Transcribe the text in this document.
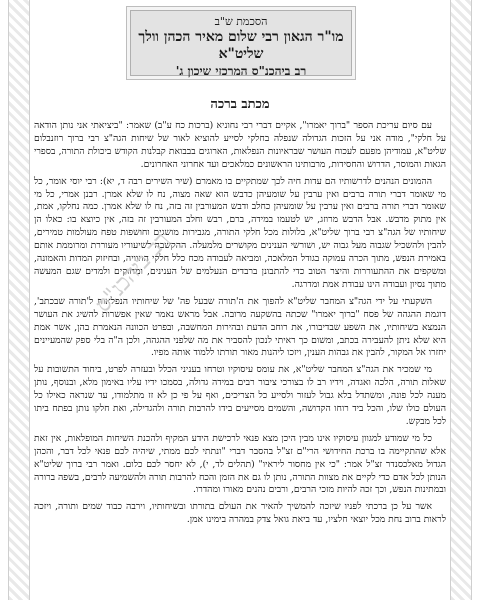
הסכמת ש"ב
מו"ר הגאון רבי שלום מאיר הכהן וולך שליט"א
רב ביהכנ"ס המרכזי שיכון ג'
מכתב ברכה

עם סיום עריכת הספר "ברוך יאמרו", אקיים דברי רבי נחוניא (ברכות כח ע"ב) שאמר: "ביציאתי אני נותן הודאה על חלקי", מודה אני על הזכות הגדולה שנפלה בחלקי לסייע להוציא לאור של שיחות הגה"צ רבי ברוך רוזנבלום שליט"א, עמודיהן מפעם לעכוח העושר שבראיונות הנפלאות, הארוגים בבבואת קבלנות הקודש ביכולת התורה, בספרי הגאות והמוסר, הדרוש והחסידות, מרבותינו הראשונים כמלאכים ועד אחרוני האחרונים.

ההמונים הנהנים לדרשותיו הם עדות חיה לכך שמתקיים בו מאמרם (שיר השירים רבה ד, יא): רבי יוסי אומר, כל מי שאומר דברי תורה ברבים ואין ערבין על שומעיהן כדבש הוא שאה מצוה, נח לו שלא אמרן. רבנן אמרי, כל מי שאומר דברי תורה ברבים ואין ערבין על שומעיהן כחלב ודבש המעורבין זה בזה, נח לו שלא אמרן. כמה נחלקו, אמת, אין מתוק מדבש. אבל הדבש מרוזג, יש לטעמו במידה, ברם, רבש וחלב המעורבין זה בזה, אין כיוצא בו: כאלו הן שיחותיו של הגה"צ רבי ברוך שליט"א, בלולות מכל חלקי התורה, מגבירות מושגים וחושפות טפח מעולמות טמירים, להבין ולהשכיל שגבוה מעל גבוה יש, ושורשי הענינים מקושרים מלמעלה. ההקשבה לשיעוריו מעוררת ומרוממת אותם באמירת הנפש, מתוך הכרה עמוקה בגודל המלאכה, ומביאה לעבודה מכח כלל חלקי ההוויה, ובחיזוק המדות והאמונה, ומשקפים את ההתעוררות והיצר הטוב כדי להתבונן ברבדים הנעלמים של הענינים, ומחזקים ולמדים שגם המעשה מתוך נסיון ועבודה הינו עבודת אמת ומדרגה.

השקעתי על ידי הגה"צ המחבר שליט"א להפוך את ה'תורה שבעל פה' של שיחותיו הנפלאות ל'תורה שבכתב', דוגמת ההגהה של פסח "ברוך יאמרו" שכתה בהשקעה מרובה. אבל מראש נאמר שאין אפשרות להשיג את העושר הנמצא בשיחותיו, את השפע שבדיבורו, את רוחב הדעת ובהירות המחשבה, ובפרט הכוונה הנאמרת בהן, אשר אמת היא שלא ניתן להעבירה בכתב, ומשום כך ראיתי לנכון להסביר את מה שלפני ההגהה, ולכן ה"ה בלי ספק שהמעיינים יחזרו אל המקור, להבין את גבהות הענין, ויזכו ליהנות מאור תורתו ללמוד אותה מפיו.

מי שמכיר את הגה"צ המחבר שליט"א, את עומס עיסוקיו וטרחו בעניני הכלל ובעזרה לפרט, ביחוד התשובות על שאלות תורה, הלכה ואגדה, וידיו רב לו בצורכי ציבור רבים במידה גדולה, בסמכו ידיו עליו באימון מלא, ובנוסף, נותן מענה לכל פונה, ומשתדל בלא גבול לעזור ולסייע כל הצריכים, ואף על פי כן לא זז מתלמודו, עד שנראה כאילו כל העולם כולו שלו, והכל ביד רוחו הקדושה, והשמים מסייעים בידו להרבות תורה ולהגדילה, ואת חלקו נותן בפתח ביתו לכל מבקש.

כל מי שמודע למגוון עיסוקיו אינו מבין היכן מצא פנאי לרכישת הידע המקיף ולהכנת השיחות המופלאות, אין זאת אלא שהתקיימה בו ברכת החידושי הרי"ם זצ"ל בהסבר דברי "ונתתי לכם ממתי, שיהיה לכם פנאי לכל דבר, והכהן הגדול מאלכסנדר זצ"ל אמר: "כי אין מחסור ליראיו" (תהלים לד, י), לא יחסר לכם כלום. ואמר רבי ברוך שליט"א הנותן לכל אדם כדי לקיים את מצוות התורה, נותן לו גם את הזמן והכח להרבות תורה ולהשמיעה לרבים, בשפה ברורה ובמתינות הנפש, וכך זכה להיות מזכי הרבים, ורבים נהנים מאורו ומהדרו.

אשר על כן ברכתי לפניו שיזכה להמשיך להאיר את העולם בתורתו ובשיחותיו, וירבה כבוד שמים ותורה, ויזכה לראות ברוב נחת מכל יוצאי חלציו, עד ביאת גואל צדק במהרה בימינו אמן.

רב ביהכנ"ס
